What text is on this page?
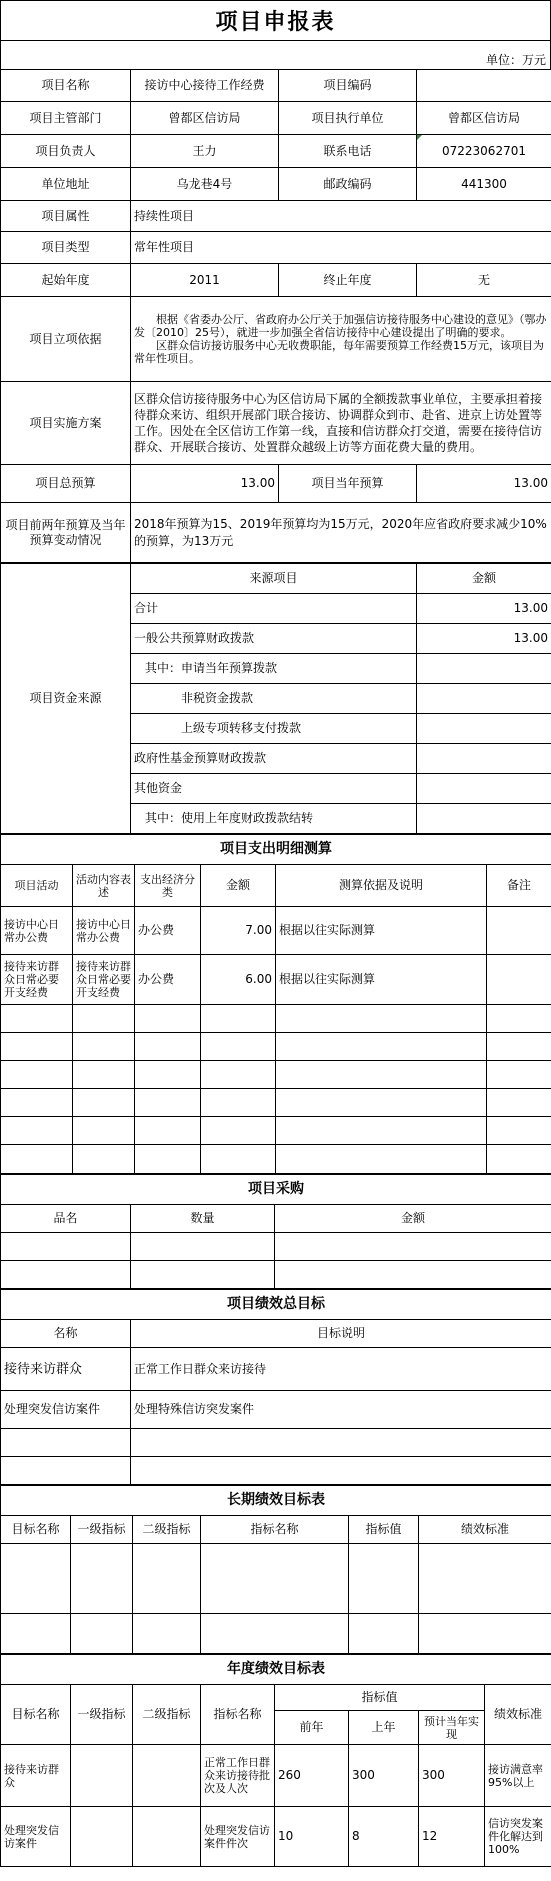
项目申报表
单位：万元
项目名称	接访中心接待工作经费	项目编码	
项目主管部门	曾都区信访局	项目执行单位	曾都区信访局
项目负责人	王力	联系电话	07223062701
单位地址	乌龙巷4号	邮政编码	441300
项目属性	持续性项目		
项目类型	常年性项目		
起始年度	2011	终止年度	无
项目立项依据	　　根据《省委办公厅、省政府办公厅关于加强信访接待服务中心建设的意见》（鄂办发〔2010〕25号），就进一步加强全省信访接待中心建设提出了明确的要求。
　　区群众信访接访服务中心无收费职能，每年需要预算工作经费15万元，该项目为常年性项目。		
项目实施方案	区群众信访接待服务中心为区信访局下属的全额拨款事业单位，主要承担着接待群众来访、组织开展部门联合接访、协调群众到市、赴省、进京上访处置等工作。因处在全区信访工作第一线，直接和信访群众打交道，需要在接待信访群众、开展联合接访、处置群众越级上访等方面花费大量的费用。		
项目总预算	13.00	项目当年预算	13.00
项目前两年预算及当年预算变动情况	2018年预算为15、2019年预算均为15万元，2020年应省政府要求减少10%的预算，为13万元		
项目资金来源	来源项目	金额
	合计	13.00
	一般公共预算财政拨款	13.00
	其中：申请当年预算拨款	
	非税资金拨款	
	上级专项转移支付拨款	
	政府性基金预算财政拨款	
	其他资金	
	其中：使用上年度财政拨款结转	
项目支出明细测算					
项目活动	活动内容表述	支出经济分类	金额	测算依据及说明	备注
接访中心日常办公费	接访中心日常办公费	办公费	7.00	根据以往实际测算	
接待来访群众日常必要开支经费	接待来访群众日常必要开支经费	办公费	6.00	根据以往实际测算	

项目采购		
品名	数量	金额

项目绩效总目标	
名称	目标说明
接待来访群众	正常工作日群众来访接待
处理突发信访案件	处理特殊信访突发案件

长期绩效目标表					
目标名称	一级指标	二级指标	指标名称	指标值	绩效标准

年度绩效目标表							
目标名称	一级指标	二级指标	指标名称	指标值			绩效标准
				前年	上年	预计当年实现	
接待来访群众			正常工作日群众来访接待批次及人次	260	300	300	接访满意率95%以上
处理突发信访案件			处理突发信访案件件次	10	8	12	信访突发案件化解达到100%
